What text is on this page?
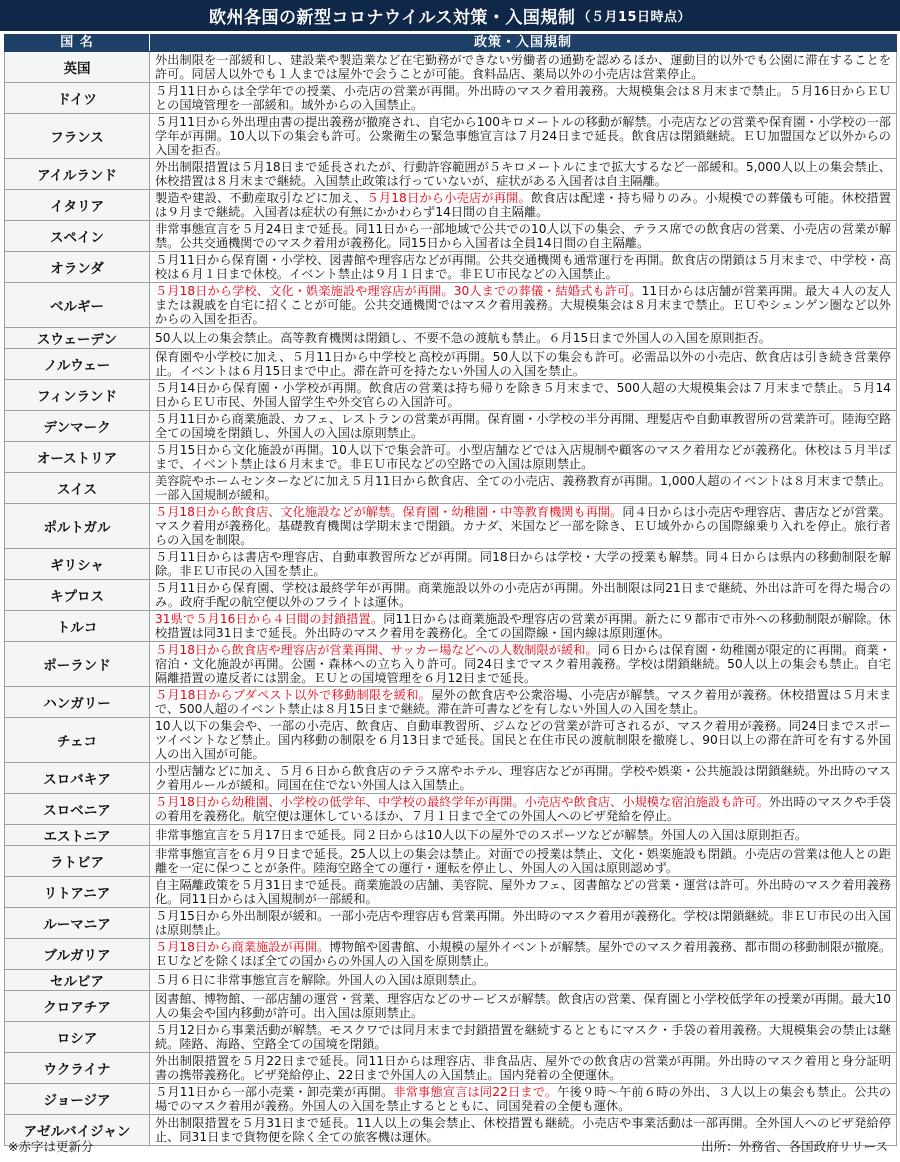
欧州各国の新型コロナウイルス対策・入国規制 （５月15日時点）
国 名	政策・入国規制
英国	外出制限を一部緩和し、建設業や製造業など在宅勤務ができない労働者の通勤を認めるほか、運動目的以外でも公園に滞在することを許可。同居人以外でも１人までは屋外で会うことが可能。食料品店、薬局以外の小売店は営業停止。
ドイツ	５月11日からは全学年での授業、小売店の営業が再開。外出時のマスク着用義務。大規模集会は８月末まで禁止。５月16日からＥＵとの国境管理を一部緩和。域外からの入国禁止。
フランス	５月11日から外出理由書の提出義務が撤廃され、自宅から100キロメートルの移動が解禁。小売店などの営業や保育園・小学校の一部学年が再開。10人以下の集会も許可。公衆衛生の緊急事態宣言は７月24日まで延長。飲食店は閉鎖継続。ＥＵ加盟国など以外からの入国を拒否。
アイルランド	外出制限措置は５月18日まで延長されたが、行動許容範囲が５キロメートルにまで拡大するなど一部緩和。5,000人以上の集会禁止、休校措置は８月末まで継続。入国禁止政策は行っていないが、症状がある入国者は自主隔離。
イタリア	製造や建設、不動産取引などに加え、５月18日から小売店が再開。飲食店は配達・持ち帰りのみ。小規模での葬儀も可能。休校措置は９月まで継続。入国者は症状の有無にかかわらず14日間の自主隔離。
スペイン	非常事態宣言を５月24日まで延長。同11日から一部地域で公共での10人以下の集会、テラス席での飲食店の営業、小売店の営業が解禁。公共交通機関でのマスク着用が義務化。同15日から入国者は全員14日間の自主隔離。
オランダ	５月11日から保育園・小学校、図書館や理容店などが再開。公共交通機関も通常運行を再開。飲食店の閉鎖は５月末まで、中学校・高校は６月１日まで休校。イベント禁止は９月１日まで。非ＥＵ市民などの入国禁止。
ベルギー	５月18日から学校、文化・娯楽施設や理容店が再開。30人までの葬儀・結婚式も許可。11日からは店舗が営業再開。最大４人の友人または親戚を自宅に招くことが可能。公共交通機関ではマスク着用義務。大規模集会は８月末まで禁止。ＥＵやシェンゲン圏など以外からの入国を拒否。
スウェーデン	50人以上の集会禁止。高等教育機関は閉鎖し、不要不急の渡航も禁止。６月15日まで外国人の入国を原則拒否。
ノルウェー	保育園や小学校に加え、５月11日から中学校と高校が再開。50人以下の集会も許可。必需品以外の小売店、飲食店は引き続き営業停止。イベントは６月15日まで中止。滞在許可を持たない外国人の入国を禁止。
フィンランド	５月14日から保育園・小学校が再開。飲食店の営業は持ち帰りを除き５月末まで、500人超の大規模集会は７月末まで禁止。５月14日からＥＵ市民、外国人留学生や外交官らの入国許可。
デンマーク	５月11日から商業施設、カフェ、レストランの営業が再開。保育園・小学校の半分再開、理髪店や自動車教習所の営業許可。陸海空路全ての国境を閉鎖し、外国人の入国は原則禁止。
オーストリア	５月15日から文化施設が再開。10人以下で集会許可。小型店舗などでは入店規制や顧客のマスク着用などが義務化。休校は５月半ばまで、イベント禁止は６月末まで。非ＥＵ市民などの空路での入国は原則禁止。
スイス	美容院やホームセンターなどに加え５月11日から飲食店、全ての小売店、義務教育が再開。1,000人超のイベントは８月末まで禁止。一部入国規制が緩和。
ポルトガル	５月18日から飲食店、文化施設などが解禁。保育園・幼稚園・中等教育機関も再開。同４日からは小売店や理容店、書店などが営業。マスク着用が義務化。基礎教育機関は学期末まで閉鎖。カナダ、米国など一部を除き、ＥＵ域外からの国際線乗り入れを停止。旅行者らの入国を制限。
ギリシャ	５月11日からは書店や理容店、自動車教習所などが再開。同18日からは学校・大学の授業も解禁。同４日からは県内の移動制限を解除。非ＥＵ市民の入国を禁止。
キプロス	５月11日から保育園、学校は最終学年が再開。商業施設以外の小売店が再開。外出制限は同21日まで継続、外出は許可を得た場合のみ。政府手配の航空便以外のフライトは運休。
トルコ	31県で５月16日から４日間の封鎖措置。同11日からは商業施設や理容店の営業が再開。新たに９都市で市外への移動制限が解除。休校措置は同31日まで延長。外出時のマスク着用を義務化。全ての国際線・国内線は原則運休。
ポーランド	５月18日から飲食店や理容店が営業再開、サッカー場などへの人数制限が緩和。同６日からは保育園・幼稚園が限定的に再開。商業・宿泊・文化施設が再開。公園・森林への立ち入り許可。同24日までマスク着用義務。学校は閉鎖継続。50人以上の集会も禁止。自宅隔離措置の違反者には罰金。ＥＵとの国境管理を６月12日まで延長。
ハンガリー	５月18日からブダペスト以外で移動制限を緩和。屋外の飲食店や公衆浴場、小売店が解禁。マスク着用が義務。休校措置は５月末まで、500人超のイベント禁止は８月15日まで継続。滞在許可書などを有しない外国人の入国を禁止。
チェコ	10人以下の集会や、一部の小売店、飲食店、自動車教習所、ジムなどの営業が許可されるが、マスク着用が義務。同24日までスポーツイベントなど禁止。国内移動の制限を６月13日まで延長。国民と在住市民の渡航制限を撤廃し、90日以上の滞在許可を有する外国人の出入国が可能。
スロバキア	小型店舗などに加え、５月６日から飲食店のテラス席やホテル、理容店などが再開。学校や娯楽・公共施設は閉鎖継続。外出時のマスク着用ルールが緩和。同国在住でない外国人は入国禁止。
スロベニア	５月18日から幼稚園、小学校の低学年、中学校の最終学年が再開。小売店や飲食店、小規模な宿泊施設も許可。外出時のマスクや手袋の着用を義務化。航空便は運休しているほか、７月１日まで全ての外国人へのビザ発給を停止。
エストニア	非常事態宣言を５月17日まで延長。同２日からは10人以下の屋外でのスポーツなどが解禁。外国人の入国は原則拒否。
ラトビア	非常事態宣言を６月９日まで延長。25人以上の集会は禁止。対面での授業は禁止、文化・娯楽施設も閉鎖。小売店の営業は他人との距離を一定に保つことが条件。陸海空路全ての運行・運転を停止し、外国人の入国は原則認めず。
リトアニア	自主隔離政策を５月31日まで延長。商業施設の店舗、美容院、屋外カフェ、図書館などの営業・運営は許可。外出時のマスク着用義務化。同11日からは入国規制が一部緩和。
ルーマニア	５月15日から外出制限が緩和。一部小売店や理容店も営業再開。外出時のマスク着用が義務化。学校は閉鎖継続。非ＥＵ市民の出入国は原則禁止。
ブルガリア	５月18日から商業施設が再開。博物館や図書館、小規模の屋外イベントが解禁。屋外でのマスク着用義務、都市間の移動制限が撤廃。ＥＵなどを除くほぼ全ての国からの外国人の入国を原則禁止。
セルビア	５月６日に非常事態宣言を解除。外国人の入国は原則禁止。
クロアチア	図書館、博物館、一部店舗の運営・営業、理容店などのサービスが解禁。飲食店の営業、保育園と小学校低学年の授業が再開。最大10人の集会や国内移動が許可。出入国は原則禁止。
ロシア	５月12日から事業活動が解禁。モスクワでは同月末まで封鎖措置を継続するとともにマスク・手袋の着用義務。大規模集会の禁止は継続。陸路、海路、空路全ての国境を閉鎖。
ウクライナ	外出制限措置を５月22日まで延長。同11日からは理容店、非食品店、屋外での飲食店の営業が再開。外出時のマスク着用と身分証明書の携帯義務化。ビザ発給停止、22日まで外国人の入国禁止。国内発着の全便運休。
ジョージア	５月11日から一部小売業・卸売業が再開。非常事態宣言は同22日まで。午後９時～午前６時の外出、３人以上の集会も禁止。公共の場でのマスク着用が義務。外国人の入国を禁止するとともに、同国発着の全便も運休。
アゼルバイジャン	外出制限措置を５月31日まで延長。11人以上の集会禁止、休校措置も継続。小売店や事業活動は一部再開。全外国人へのビザ発給停止、同31日まで貨物便を除く全ての旅客機は運休。
※赤字は更新分	出所：外務省、各国政府リリース
